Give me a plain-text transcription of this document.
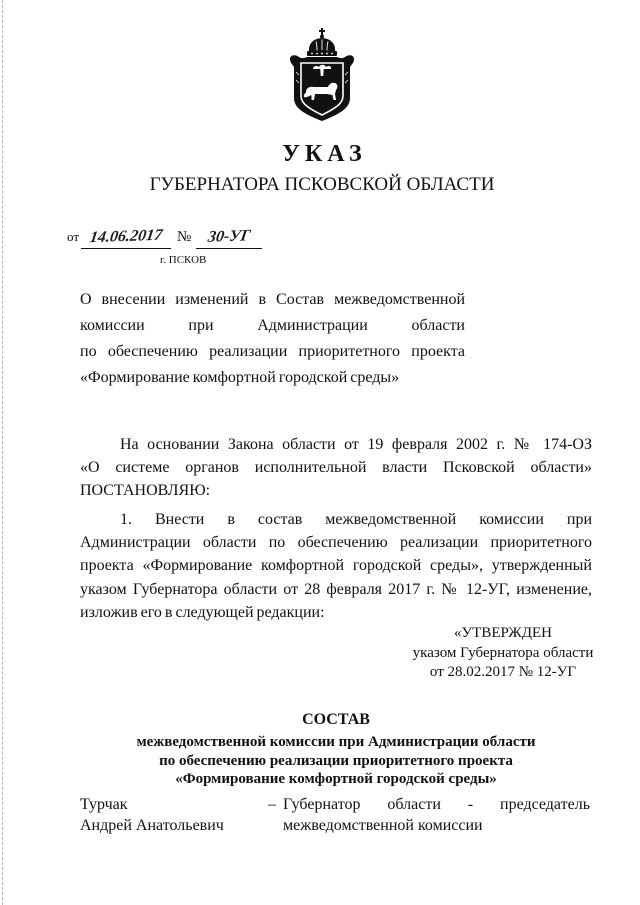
УКАЗ
ГУБЕРНАТОРА ПСКОВСКОЙ ОБЛАСТИ
от 14.06.2017 № 30-УГ
г. ПСКОВ
О внесении изменений в Состав межведомственной
комиссии при Администрации области
по обеспечению реализации приоритетного проекта
«Формирование комфортной городской среды»
На основании Закона области от 19 февраля 2002 г. № 174-ОЗ
«О системе органов исполнительной власти Псковской области»
ПОСТАНОВЛЯЮ:
1. Внести в состав межведомственной комиссии при
Администрации области по обеспечению реализации приоритетного
проекта «Формирование комфортной городской среды», утвержденный
указом Губернатора области от 28 февраля 2017 г. № 12-УГ, изменение,
изложив его в следующей редакции:
«УТВЕРЖДЕН
указом Губернатора области
от 28.02.2017 № 12-УГ
СОСТАВ
межведомственной комиссии при Администрации области
по обеспечению реализации приоритетного проекта
«Формирование комфортной городской среды»
Турчак
Андрей Анатольевич
– Губернатор области - председатель
межведомственной комиссии
